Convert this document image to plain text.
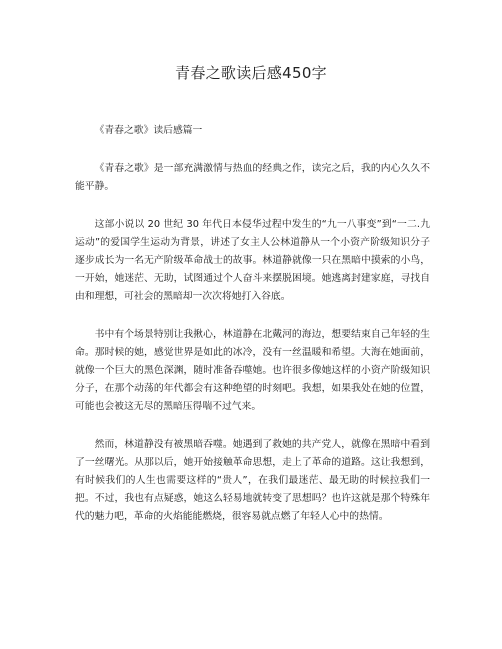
青春之歌读后感450字

《青春之歌》读后感篇一

《青春之歌》是一部充满激情与热血的经典之作，读完之后，我的内心久久不能平静。

这部小说以 20 世纪 30 年代日本侵华过程中发生的“九一八事变”到“一二.九运动”的爱国学生运动为背景，讲述了女主人公林道静从一个小资产阶级知识分子逐步成长为一名无产阶级革命战士的故事。林道静就像一只在黑暗中摸索的小鸟，一开始，她迷茫、无助，试图通过个人奋斗来摆脱困境。她逃离封建家庭，寻找自由和理想，可社会的黑暗却一次次将她打入谷底。

书中有个场景特别让我揪心，林道静在北戴河的海边，想要结束自己年轻的生命。那时候的她，感觉世界是如此的冰冷，没有一丝温暖和希望。大海在她面前，就像一个巨大的黑色深渊，随时准备吞噬她。也许很多像她这样的小资产阶级知识分子，在那个动荡的年代都会有这种绝望的时刻吧。我想，如果我处在她的位置，可能也会被这无尽的黑暗压得喘不过气来。

然而，林道静没有被黑暗吞噬。她遇到了救她的共产党人，就像在黑暗中看到了一丝曙光。从那以后，她开始接触革命思想，走上了革命的道路。这让我想到，有时候我们的人生也需要这样的“贵人”，在我们最迷茫、最无助的时候拉我们一把。不过，我也有点疑惑，她这么轻易地就转变了思想吗？也许这就是那个特殊年代的魅力吧，革命的火焰能能燃烧，很容易就点燃了年轻人心中的热情。
